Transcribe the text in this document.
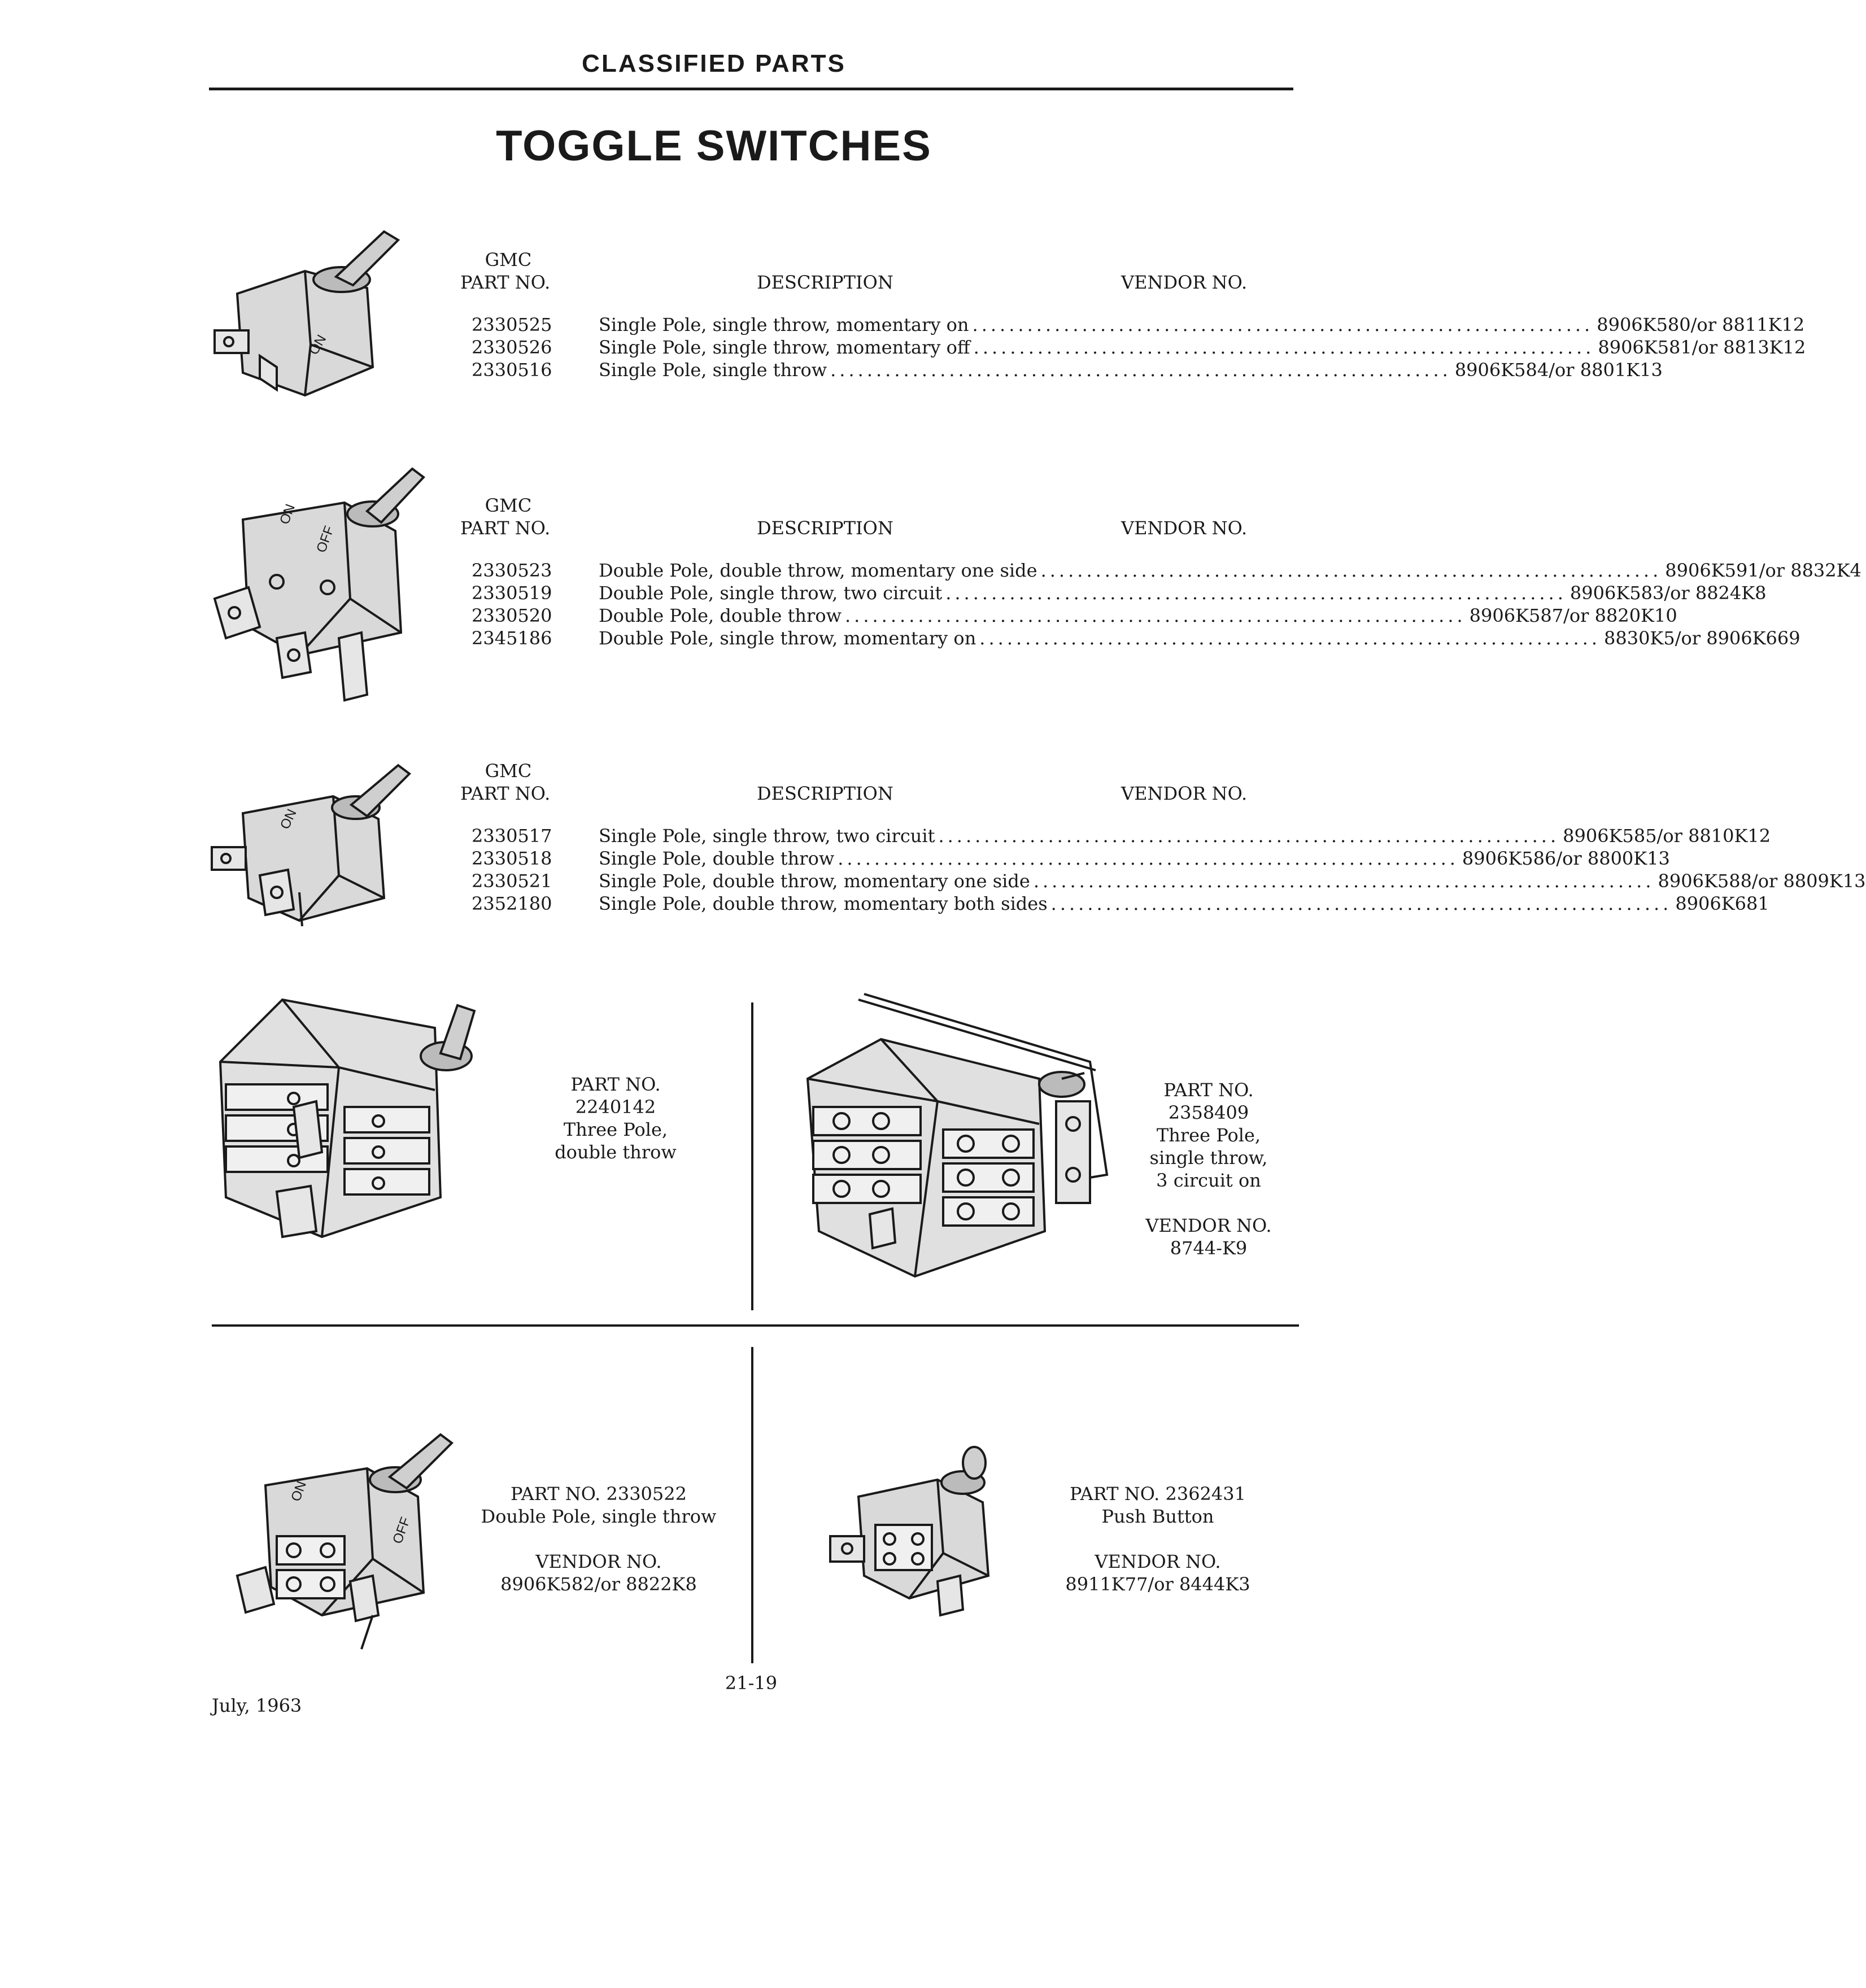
CLASSIFIED PARTS
TOGGLE SWITCHES
ON
GMC
PART NO.	DESCRIPTION	VENDOR NO.
2330525	Single Pole, single throw, momentary on .................................................................... 8906K580/or 8811K12
2330526	Single Pole, single throw, momentary off .................................................................... 8906K581/or 8813K12
2330516	Single Pole, single throw .................................................................... 8906K584/or 8801K13
ON
OFF
GMC
PART NO.	DESCRIPTION	VENDOR NO.
2330523	Double Pole, double throw, momentary one side .................................................................... 8906K591/or 8832K4
2330519	Double Pole, single throw, two circuit .................................................................... 8906K583/or 8824K8
2330520	Double Pole, double throw .................................................................... 8906K587/or 8820K10
2345186	Double Pole, single throw, momentary on .................................................................... 8830K5/or 8906K669
ON
GMC
PART NO.	DESCRIPTION	VENDOR NO.
2330517	Single Pole, single throw, two circuit .................................................................... 8906K585/or 8810K12
2330518	Single Pole, double throw .................................................................... 8906K586/or 8800K13
2330521	Single Pole, double throw, momentary one side .................................................................... 8906K588/or 8809K13
2352180	Single Pole, double throw, momentary both sides .................................................................... 8906K681
PART NO.
2240142
Three Pole,
double throw
PART NO.
2358409
Three Pole,
single throw,
3 circuit on
VENDOR NO.
8744-K9
ON
OFF
PART NO. 2330522
Double Pole, single throw
VENDOR NO.
8906K582/or 8822K8
PART NO. 2362431
Push Button
VENDOR NO.
8911K77/or 8444K3
21-19
July, 1963
